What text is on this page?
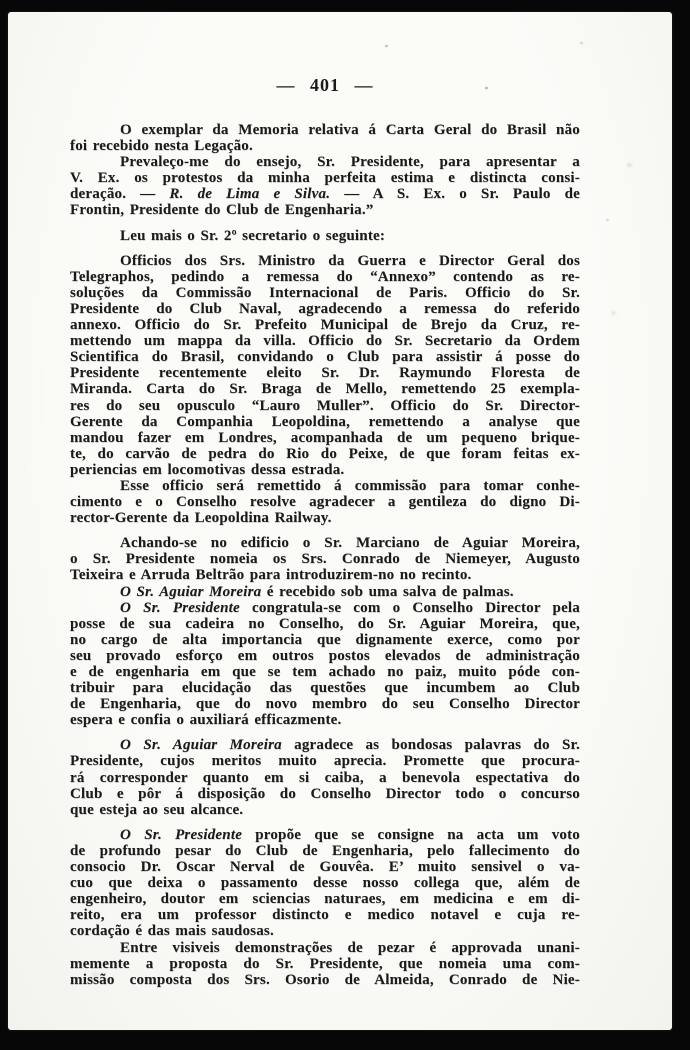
— 401 —
O exemplar da Memoria relativa á Carta Geral do Brasil não
foi recebido nesta Legação.
Prevaleço-me do ensejo, Sr. Presidente, para apresentar a
V. Ex. os protestos da minha perfeita estima e distincta consi-
deração. — R. de Lima e Silva. — A S. Ex. o Sr. Paulo de
Frontin, Presidente do Club de Engenharia.”
Leu mais o Sr. 2º secretario o seguinte:
Officios dos Srs. Ministro da Guerra e Director Geral dos
Telegraphos, pedindo a remessa do “Annexo” contendo as re-
soluções da Commissão Internacional de Paris. Officio do Sr.
Presidente do Club Naval, agradecendo a remessa do referido
annexo. Officio do Sr. Prefeito Municipal de Brejo da Cruz, re-
mettendo um mappa da villa. Officio do Sr. Secretario da Ordem
Scientifica do Brasil, convidando o Club para assistir á posse do
Presidente recentemente eleito Sr. Dr. Raymundo Floresta de
Miranda. Carta do Sr. Braga de Mello, remettendo 25 exempla-
res do seu opusculo “Lauro Muller”. Officio do Sr. Director-
Gerente da Companhia Leopoldina, remettendo a analyse que
mandou fazer em Londres, acompanhada de um pequeno brique-
te, do carvão de pedra do Rio do Peixe, de que foram feitas ex-
periencias em locomotivas dessa estrada.
Esse officio será remettido á commissão para tomar conhe-
cimento e o Conselho resolve agradecer a gentileza do digno Di-
rector-Gerente da Leopoldina Railway.
Achando-se no edificio o Sr. Marciano de Aguiar Moreira,
o Sr. Presidente nomeia os Srs. Conrado de Niemeyer, Augusto
Teixeira e Arruda Beltrão para introduzirem-no no recinto.
O Sr. Aguiar Moreira é recebido sob uma salva de palmas.
O Sr. Presidente congratula-se com o Conselho Director pela
posse de sua cadeira no Conselho, do Sr. Aguiar Moreira, que,
no cargo de alta importancia que dignamente exerce, como por
seu provado esforço em outros postos elevados de administração
e de engenharia em que se tem achado no paiz, muito póde con-
tribuir para elucidação das questões que incumbem ao Club
de Engenharia, que do novo membro do seu Conselho Director
espera e confia o auxiliará efficazmente.
O Sr. Aguiar Moreira agradece as bondosas palavras do Sr.
Presidente, cujos meritos muito aprecia. Promette que procura-
rá corresponder quanto em si caiba, a benevola espectativa do
Club e pôr á disposição do Conselho Director todo o concurso
que esteja ao seu alcance.
O Sr. Presidente propõe que se consigne na acta um voto
de profundo pesar do Club de Engenharia, pelo fallecimento do
consocio Dr. Oscar Nerval de Gouvêa. E’ muito sensivel o va-
cuo que deixa o passamento desse nosso collega que, além de
engenheiro, doutor em sciencias naturaes, em medicina e em di-
reito, era um professor distincto e medico notavel e cuja re-
cordação é das mais saudosas.
Entre visiveis demonstrações de pezar é approvada unani-
memente a proposta do Sr. Presidente, que nomeia uma com-
missão composta dos Srs. Osorio de Almeida, Conrado de Nie-
